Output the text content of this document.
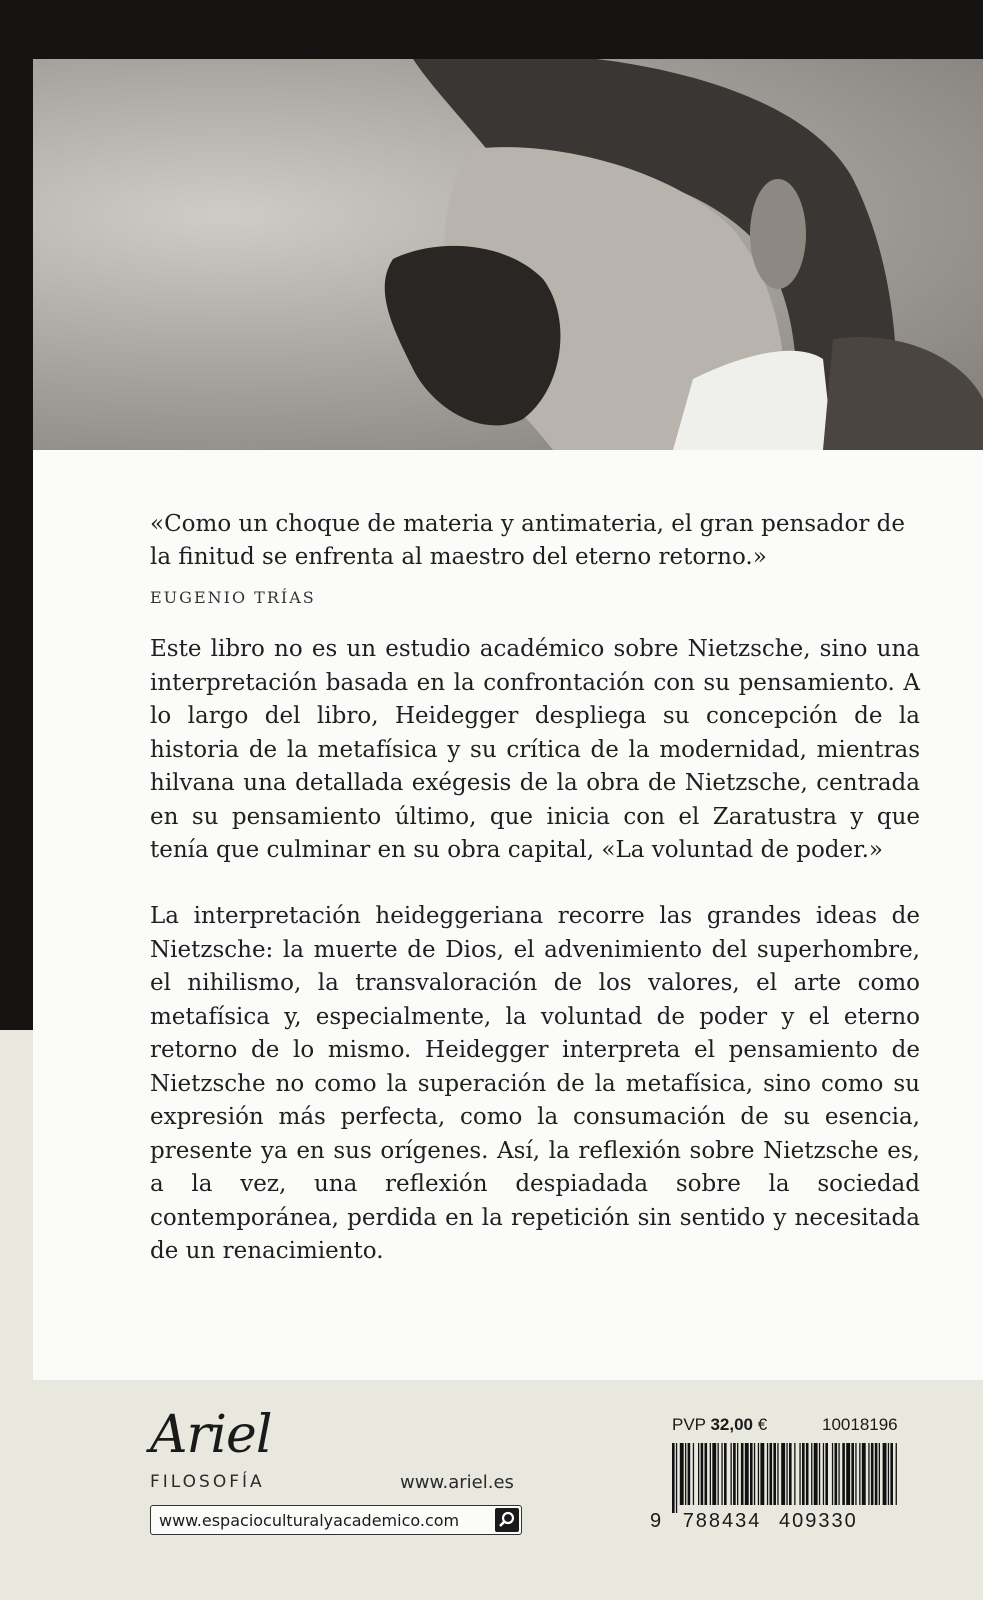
«Como un choque de materia y antimateria, el gran pensador de la finitud se enfrenta al maestro del eterno retorno.»
EUGENIO TRÍAS

Este libro no es un estudio académico sobre Nietzsche, sino una interpretación basada en la confrontación con su pensamiento. A lo largo del libro, Heidegger despliega su concepción de la historia de la metafísica y su crítica de la modernidad, mientras hilvana una detallada exégesis de la obra de Nietzsche, centrada en su pensamiento último, que inicia con el Zaratustra y que tenía que culminar en su obra capital, «La voluntad de poder.»

La interpretación heideggeriana recorre las grandes ideas de Nietzsche: la muerte de Dios, el advenimiento del superhombre, el nihilismo, la transvaloración de los valores, el arte como metafísica y, especialmente, la voluntad de poder y el eterno retorno de lo mismo. Heidegger interpreta el pensamiento de Nietzsche no como la superación de la metafísica, sino como su expresión más perfecta, como la consumación de su esencia, presente ya en sus orígenes. Así, la reflexión sobre Nietzsche es, a la vez, una reflexión despiadada sobre la sociedad contemporánea, perdida en la repetición sin sentido y necesitada de un renacimiento.

Ariel
FILOSOFÍA	www.ariel.es
www.espacioculturalyacademico.com
PVP 32,00 €	10018196
9 788434 409330
